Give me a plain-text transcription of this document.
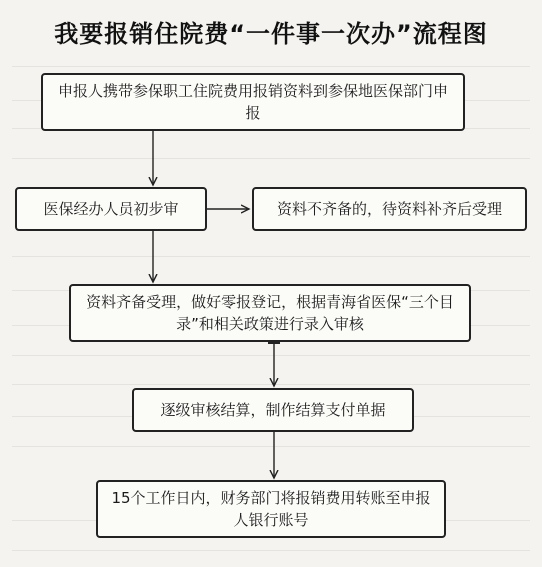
我要报销住院费“一件事一次办”流程图
申报人携带参保职工住院费用报销资料到参保地医保部门申报
医保经办人员初步审	资料不齐备的，待资料补齐后受理
资料齐备受理，做好零报登记，根据青海省医保“三个目录”和相关政策进行录入审核
逐级审核结算，制作结算支付单据
15个工作日内，财务部门将报销费用转账至申报人银行账号
